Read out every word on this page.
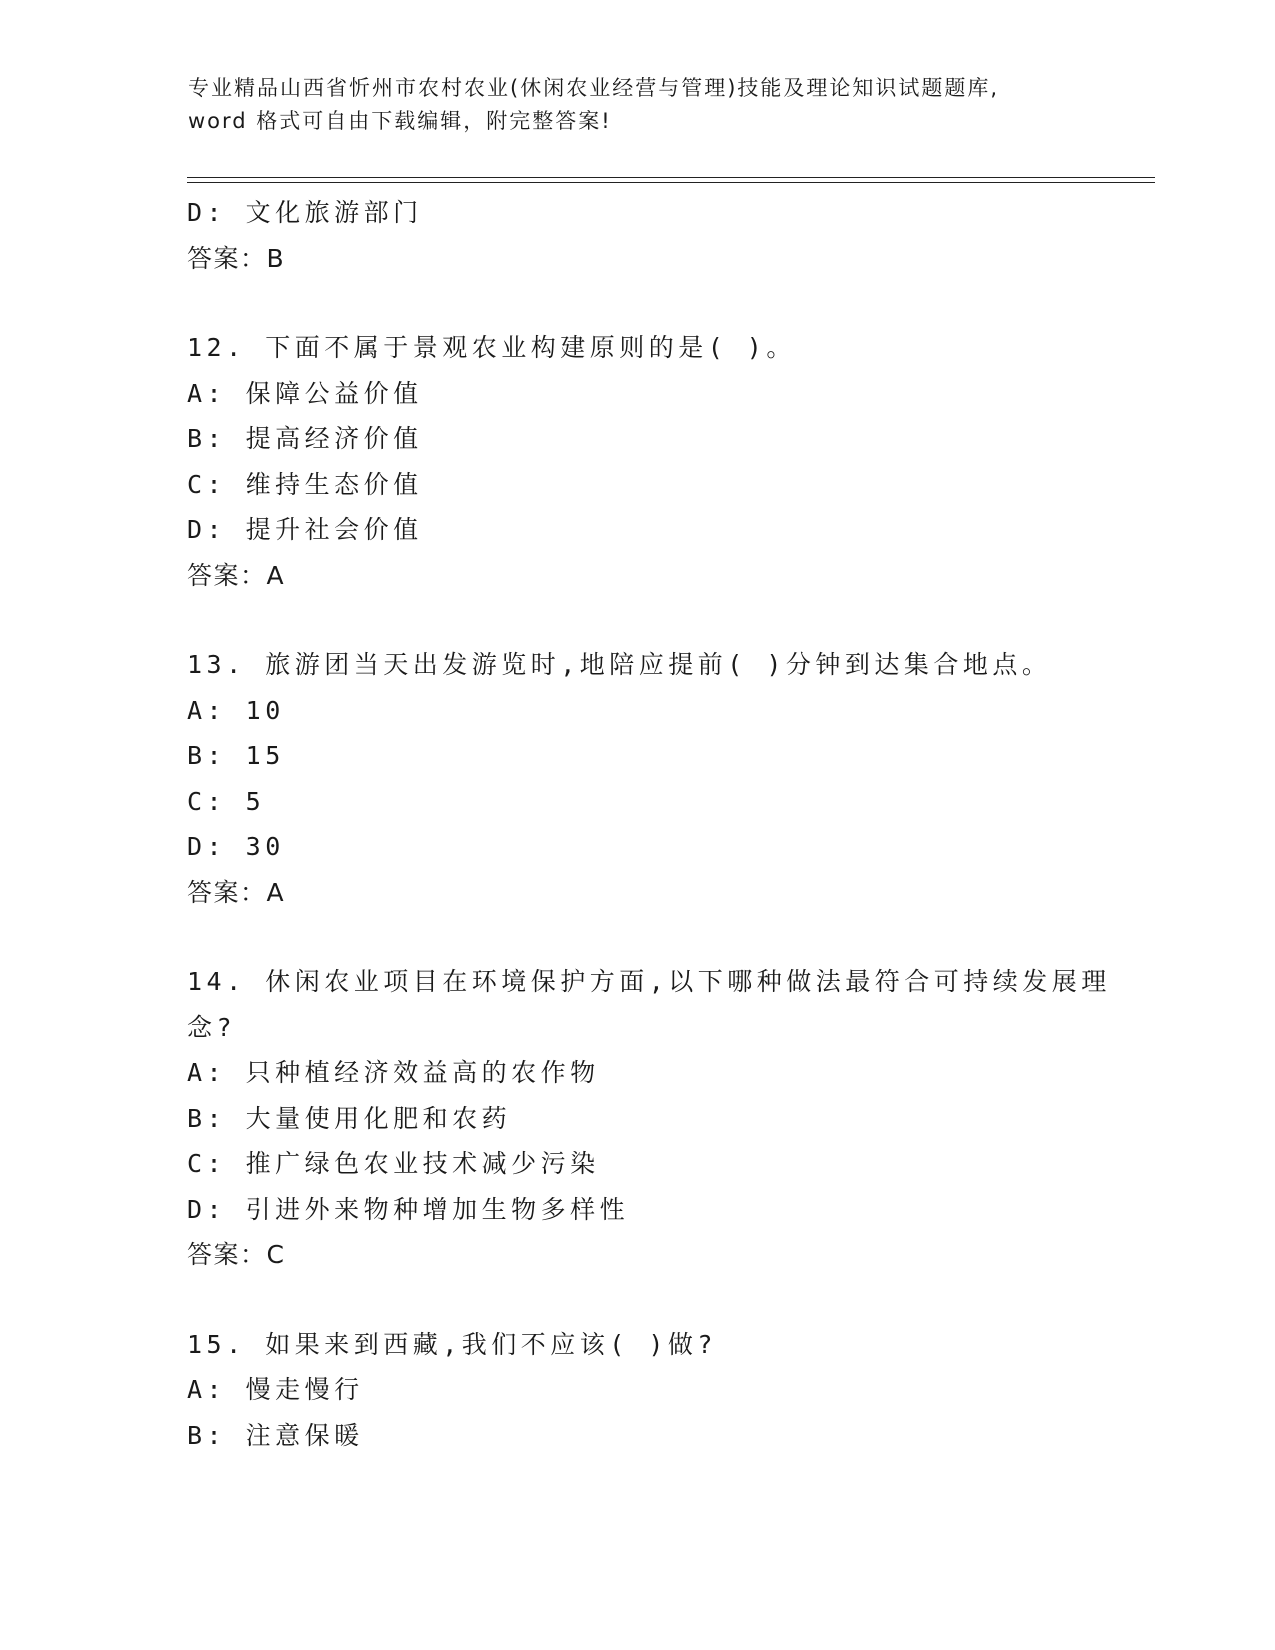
专业精品山西省忻州市农村农业(休闲农业经营与管理)技能及理论知识试题题库,
word 格式可自由下载编辑，附完整答案!
D: 文化旅游部门
答案：B
12. 下面不属于景观农业构建原则的是( )。
A: 保障公益价值
B: 提高经济价值
C: 维持生态价值
D: 提升社会价值
答案：A
13. 旅游团当天出发游览时,地陪应提前( )分钟到达集合地点。
A: 10
B: 15
C: 5
D: 30
答案：A
14. 休闲农业项目在环境保护方面,以下哪种做法最符合可持续发展理
念?
A: 只种植经济效益高的农作物
B: 大量使用化肥和农药
C: 推广绿色农业技术减少污染
D: 引进外来物种增加生物多样性
答案：C
15. 如果来到西藏,我们不应该( )做?
A: 慢走慢行
B: 注意保暖
